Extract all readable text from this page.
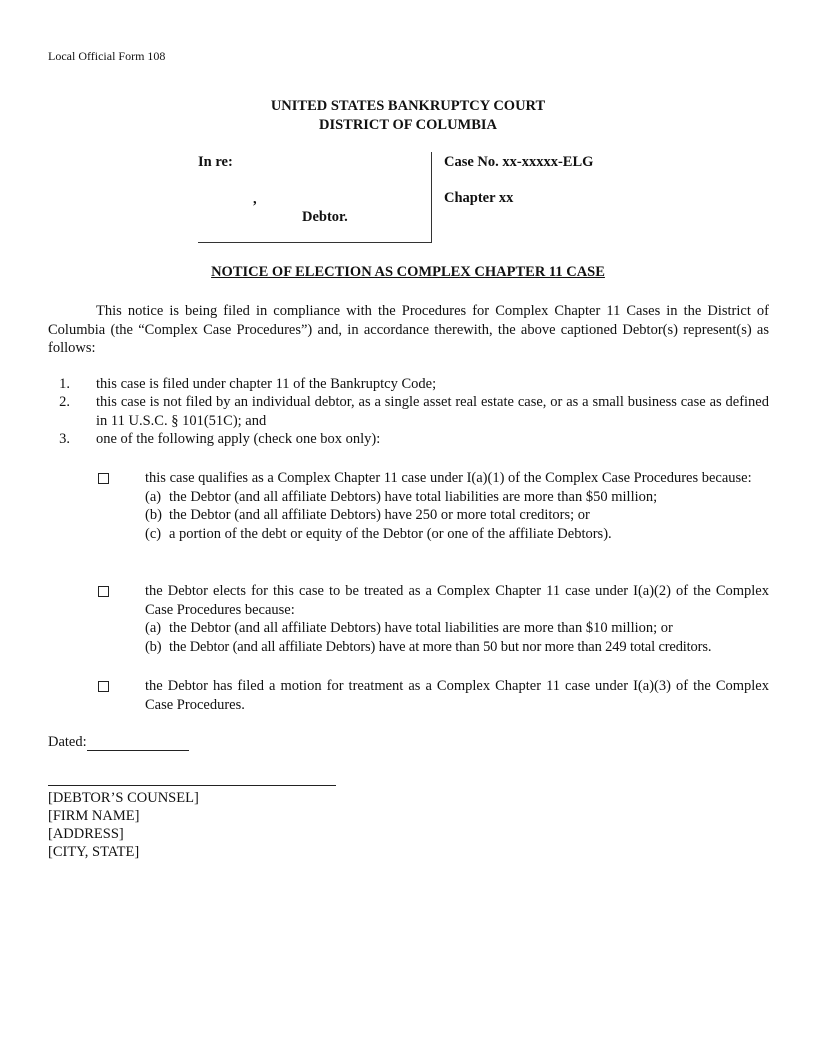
Local Official Form 108
UNITED STATES BANKRUPTCY COURT
DISTRICT OF COLUMBIA
In re:
,
Debtor.
Case No. xx-xxxxx-ELG
Chapter xx
NOTICE OF ELECTION AS COMPLEX CHAPTER 11 CASE
This notice is being filed in compliance with the Procedures for Complex Chapter 11 Cases in the District of Columbia (the “Complex Case Procedures”) and, in accordance therewith, the above captioned Debtor(s) represent(s) as follows:
1. this case is filed under chapter 11 of the Bankruptcy Code;
2. this case is not filed by an individual debtor, as a single asset real estate case, or as a small business case as defined in 11 U.S.C. § 101(51C); and
3. one of the following apply (check one box only):
this case qualifies as a Complex Chapter 11 case under I(a)(1) of the Complex Case Procedures because:
(a) the Debtor (and all affiliate Debtors) have total liabilities are more than $50 million;
(b) the Debtor (and all affiliate Debtors) have 250 or more total creditors; or
(c) a portion of the debt or equity of the Debtor (or one of the affiliate Debtors).
the Debtor elects for this case to be treated as a Complex Chapter 11 case under I(a)(2) of the Complex Case Procedures because:
(a) the Debtor (and all affiliate Debtors) have total liabilities are more than $10 million; or
(b) the Debtor (and all affiliate Debtors) have at more than 50 but nor more than 249 total creditors.
the Debtor has filed a motion for treatment as a Complex Chapter 11 case under I(a)(3) of the Complex Case Procedures.
Dated:
[DEBTOR’S COUNSEL]
[FIRM NAME]
[ADDRESS]
[CITY, STATE]
